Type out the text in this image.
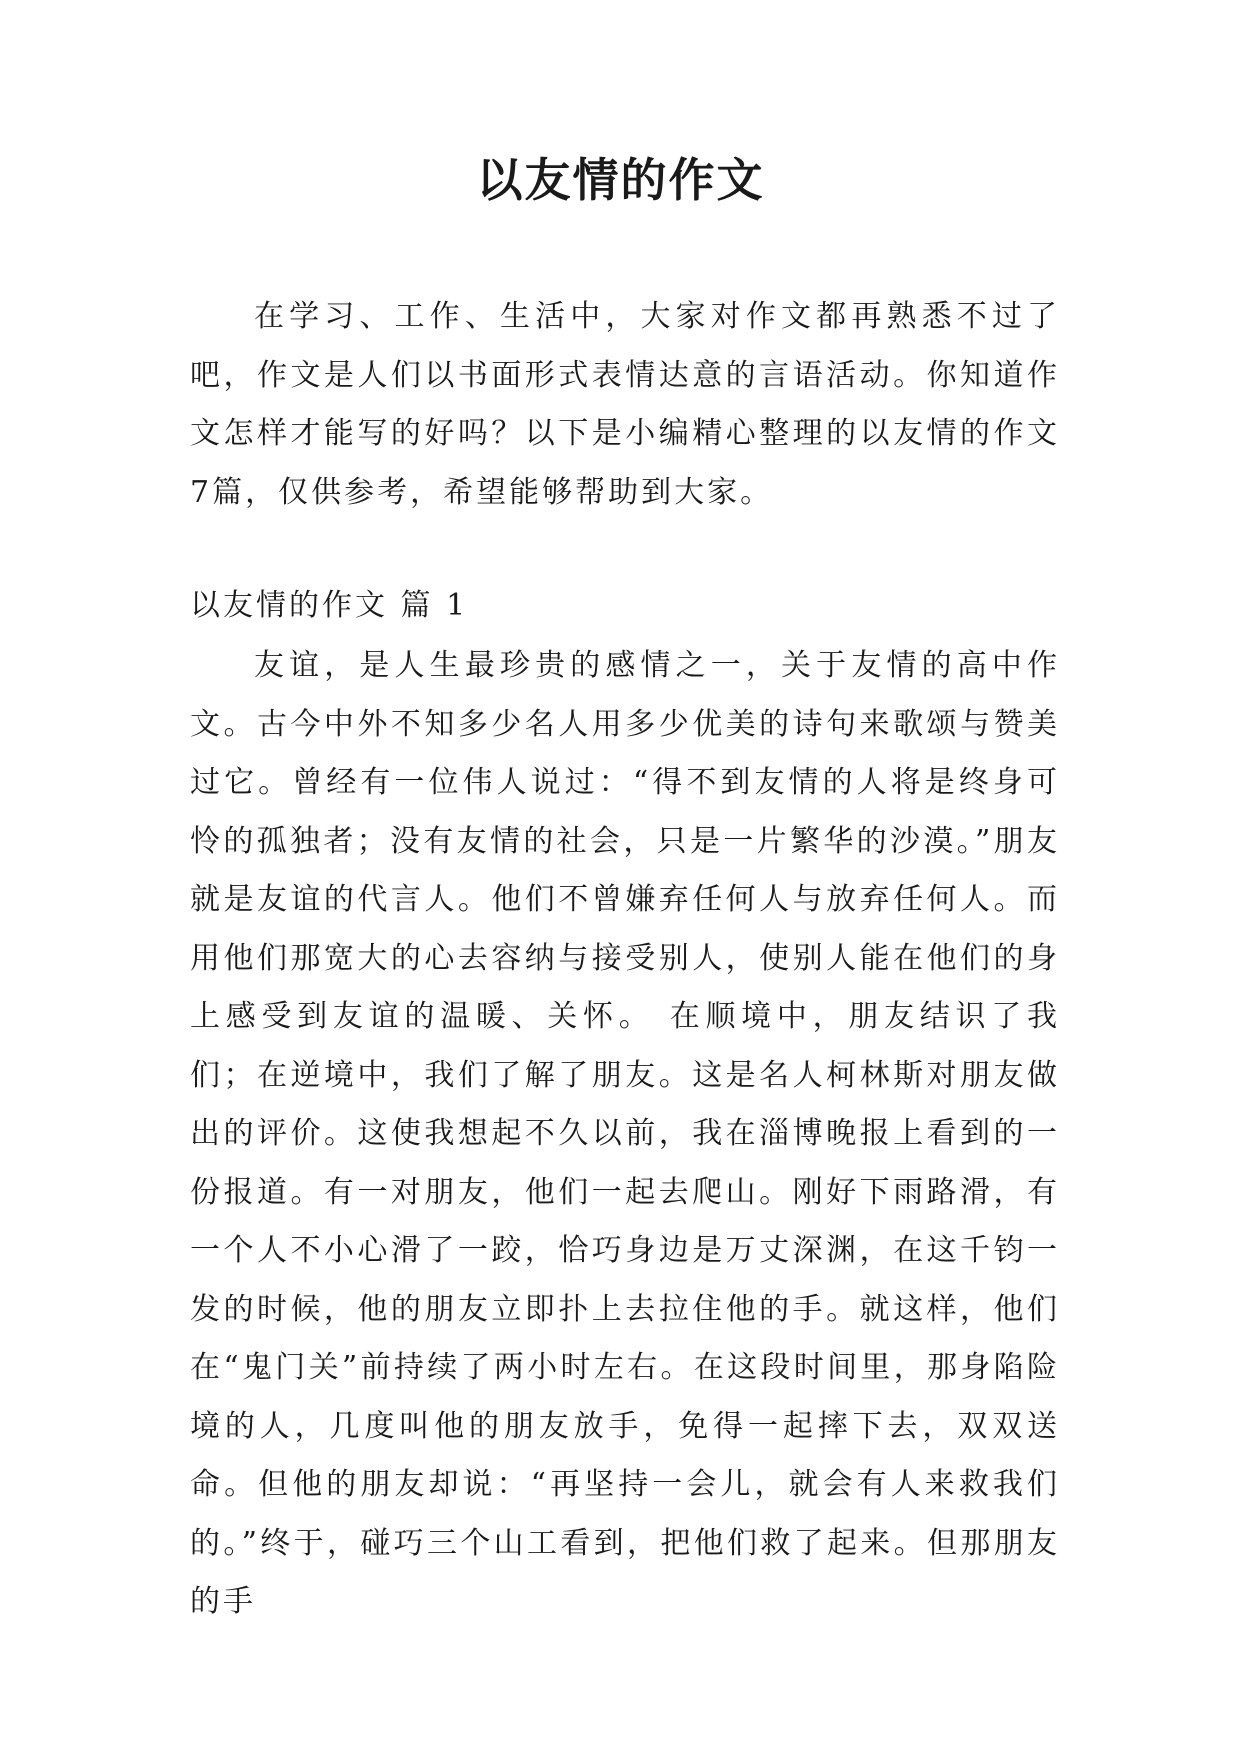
以友情的作文

在学习、工作、生活中，大家对作文都再熟悉不过了吧，作文是人们以书面形式表情达意的言语活动。你知道作文怎样才能写的好吗？以下是小编精心整理的以友情的作文7篇，仅供参考，希望能够帮助到大家。

以友情的作文 篇 1

友谊，是人生最珍贵的感情之一，关于友情的高中作文。古今中外不知多少名人用多少优美的诗句来歌颂与赞美过它。曾经有一位伟人说过：“得不到友情的人将是终身可怜的孤独者；没有友情的社会，只是一片繁华的沙漠。”朋友就是友谊的代言人。他们不曾嫌弃任何人与放弃任何人。而用他们那宽大的心去容纳与接受别人，使别人能在他们的身上感受到友谊的温暖、关怀。 在顺境中，朋友结识了我们；在逆境中，我们了解了朋友。这是名人柯林斯对朋友做出的评价。这使我想起不久以前，我在淄博晚报上看到的一份报道。有一对朋友，他们一起去爬山。刚好下雨路滑，有一个人不小心滑了一跤，恰巧身边是万丈深渊，在这千钧一发的时候，他的朋友立即扑上去拉住他的手。就这样，他们在“鬼门关”前持续了两小时左右。在这段时间里，那身陷险境的人，几度叫他的朋友放手，免得一起摔下去，双双送命。但他的朋友却说：“再坚持一会儿，就会有人来救我们的。”终于，碰巧三个山工看到，把他们救了起来。但那朋友的手
